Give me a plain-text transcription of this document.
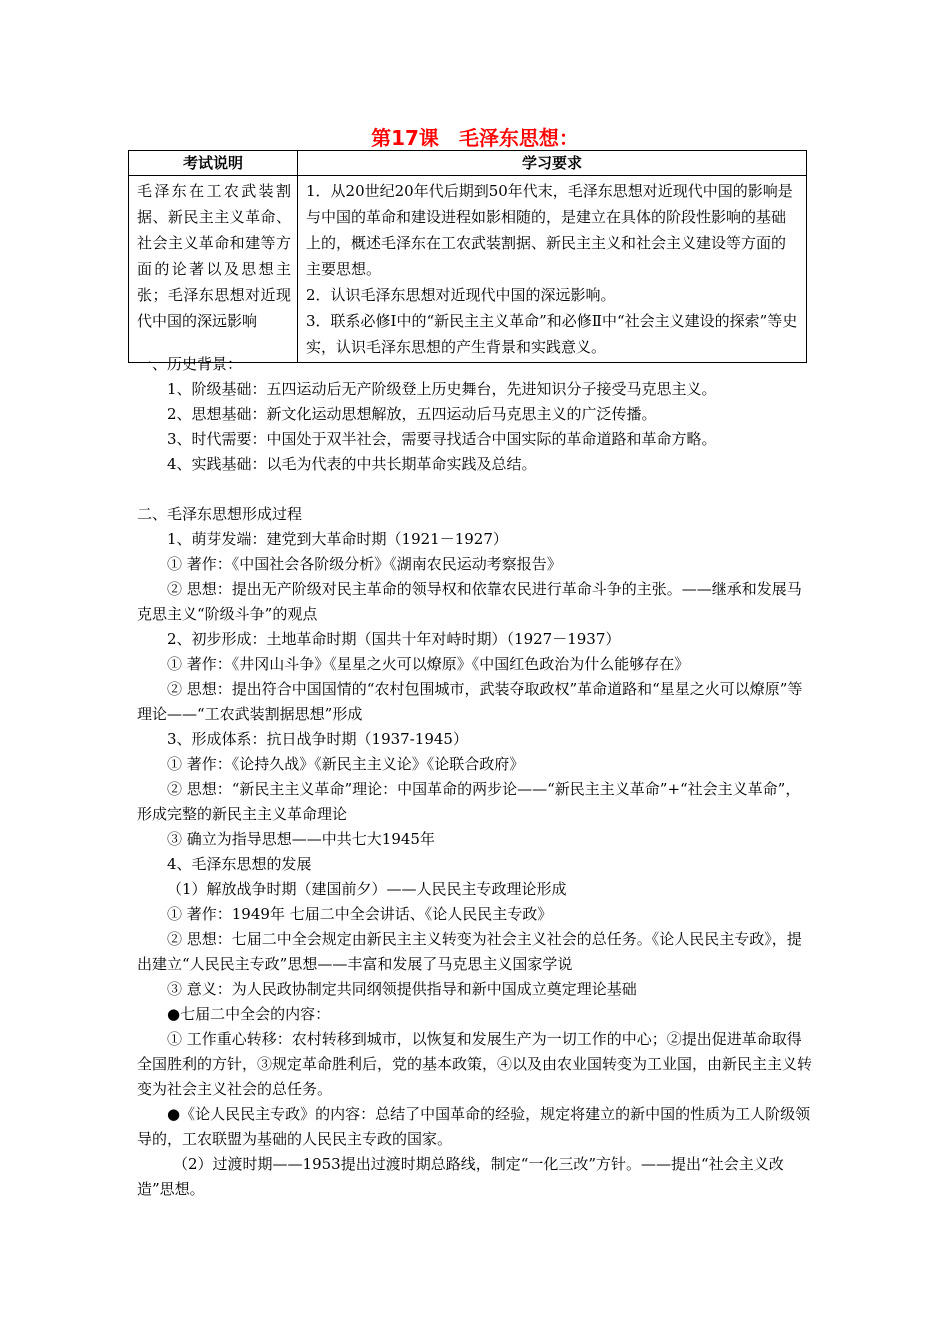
第17课　毛泽东思想：
考试说明	学习要求
毛泽东在工农武装割据、新民主主义革命、社会主义革命和建等方面的论著以及思想主张；毛泽东思想对近现代中国的深远影响	1．从20世纪20年代后期到50年代末，毛泽东思想对近现代中国的影响是与中国的革命和建设进程如影相随的，是建立在具体的阶段性影响的基础上的，概述毛泽东在工农武装割据、新民主主义和社会主义建设等方面的主要思想。
2．认识毛泽东思想对近现代中国的深远影响。
3．联系必修Ⅰ中的“新民主主义革命”和必修Ⅱ中“社会主义建设的探索”等史实，认识毛泽东思想的产生背景和实践意义。

一、历史背景：

1、阶级基础：五四运动后无产阶级登上历史舞台，先进知识分子接受马克思主义。

2、思想基础：新文化运动思想解放，五四运动后马克思主义的广泛传播。

3、时代需要：中国处于双半社会，需要寻找适合中国实际的革命道路和革命方略。

4、实践基础：以毛为代表的中共长期革命实践及总结。

二、毛泽东思想形成过程

1、萌芽发端：建党到大革命时期（1921－1927）

① 著作：《中国社会各阶级分析》《湖南农民运动考察报告》

② 思想：提出无产阶级对民主革命的领导权和依靠农民进行革命斗争的主张。——继承和发展马克思主义“阶级斗争”的观点

2、初步形成：土地革命时期（国共十年对峙时期）（1927－1937）

① 著作：《井冈山斗争》《星星之火可以燎原》《中国红色政治为什么能够存在》

② 思想：提出符合中国国情的“农村包围城市，武装夺取政权”革命道路和“星星之火可以燎原”等理论——“工农武装割据思想”形成

3、形成体系：抗日战争时期（1937-1945）

① 著作：《论持久战》《新民主主义论》《论联合政府》

② 思想：“新民主主义革命”理论：中国革命的两步论——“新民主主义革命”+“社会主义革命”，形成完整的新民主主义革命理论

③ 确立为指导思想——中共七大1945年

4、毛泽东思想的发展

（1）解放战争时期（建国前夕）——人民民主专政理论形成

① 著作：1949年 七届二中全会讲话、《论人民民主专政》

② 思想：七届二中全会规定由新民主主义转变为社会主义社会的总任务。《论人民民主专政》，提出建立“人民民主专政”思想——丰富和发展了马克思主义国家学说

③ 意义：为人民政协制定共同纲领提供指导和新中国成立奠定理论基础

●七届二中全会的内容：

① 工作重心转移：农村转移到城市，以恢复和发展生产为一切工作的中心；②提出促进革命取得全国胜利的方针，③规定革命胜利后，党的基本政策，④以及由农业国转变为工业国，由新民主主义转变为社会主义社会的总任务。

●《论人民民主专政》的内容：总结了中国革命的经验，规定将建立的新中国的性质为工人阶级领导的，工农联盟为基础的人民民主专政的国家。

（2）过渡时期——1953提出过渡时期总路线，制定“一化三改”方针。——提出“社会主义改造”思想。
